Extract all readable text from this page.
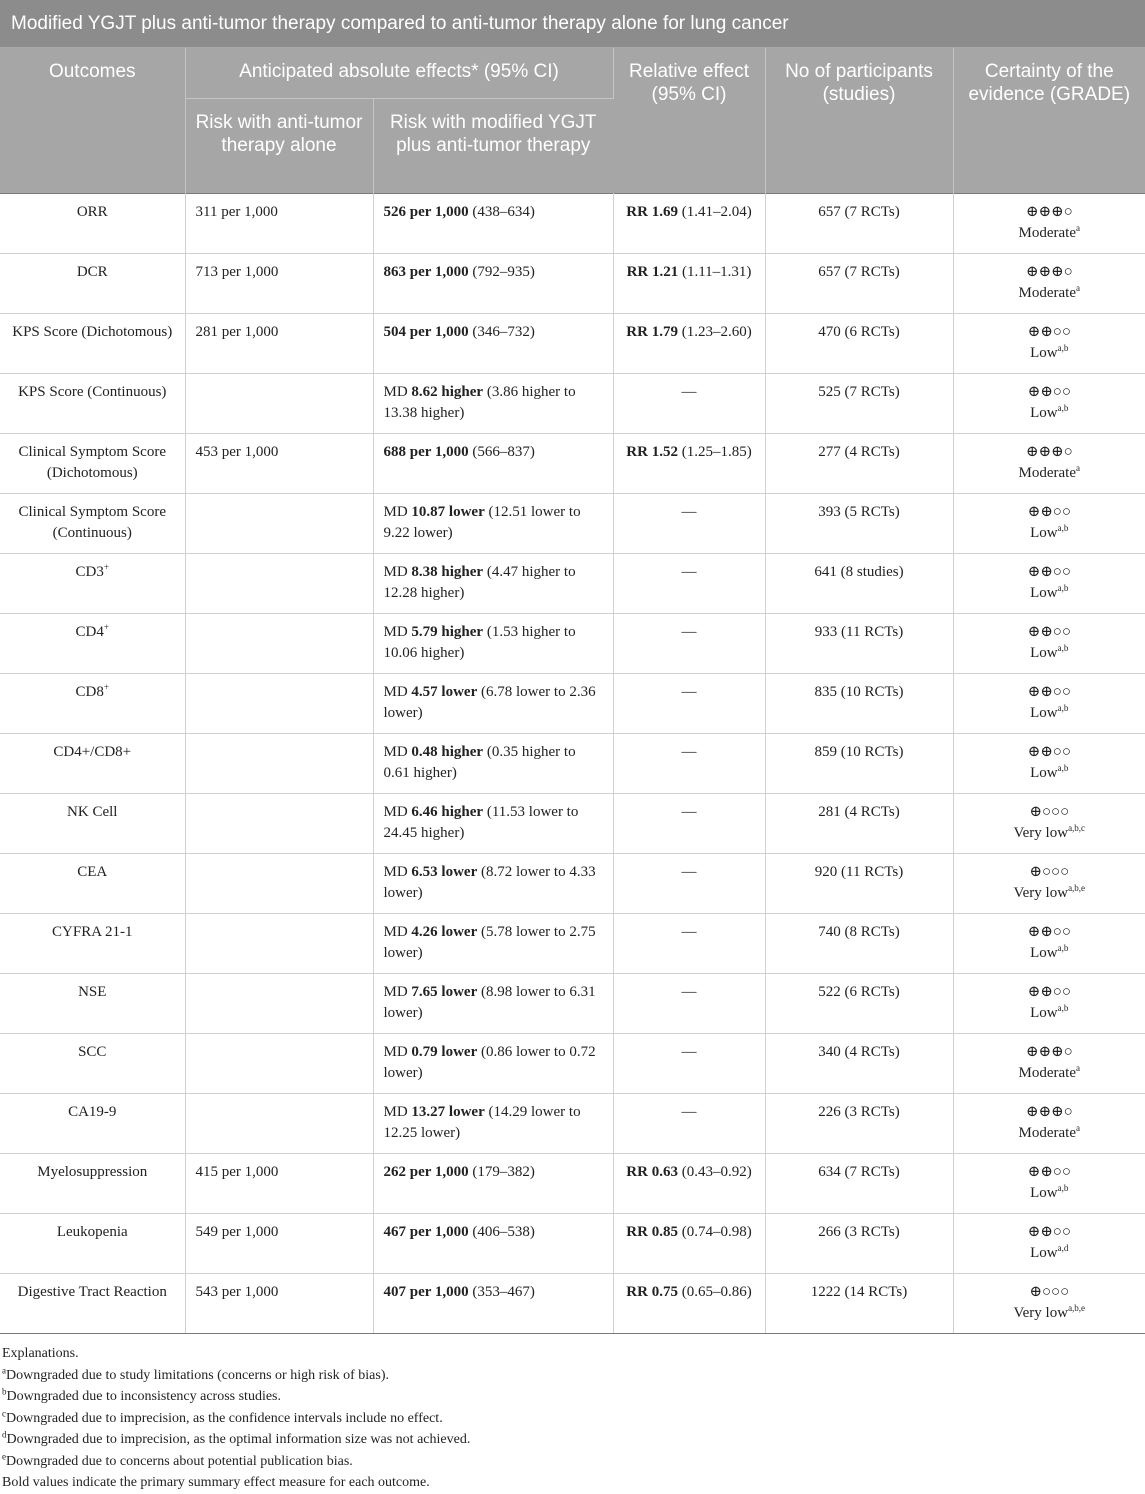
Modified YGJT plus anti-tumor therapy compared to anti-tumor therapy alone for lung cancer					
Outcomes	Anticipated absolute effects* (95% CI)		Relative effect (95% CI)	No of participants (studies)	Certainty of the evidence (GRADE)
	Risk with anti-tumor therapy alone	Risk with modified YGJT plus anti-tumor therapy			
ORR	311 per 1,000	526 per 1,000 (438–634)	RR 1.69 (1.41–2.04)	657 (7 RCTs)	⊕⊕⊕○
Moderate$^a$

DCR	713 per 1,000	863 per 1,000 (792–935)	RR 1.21 (1.11–1.31)	657 (7 RCTs)	⊕⊕⊕○
Moderate$^a$

KPS Score (Dichotomous)	281 per 1,000	504 per 1,000 (346–732)	RR 1.79 (1.23–2.60)	470 (6 RCTs)	⊕⊕○○
Low$^{a,b}$

KPS Score (Continuous)		MD 8.62 higher (3.86 higher to 13.38 higher)	—	525 (7 RCTs)	⊕⊕○○
Low$^{a,b}$

Clinical Symptom Score (Dichotomous)	453 per 1,000	688 per 1,000 (566–837)	RR 1.52 (1.25–1.85)	277 (4 RCTs)	⊕⊕⊕○
Moderate$^a$

Clinical Symptom Score (Continuous)		MD 10.87 lower (12.51 lower to 9.22 lower)	—	393 (5 RCTs)	⊕⊕○○
Low$^{a,b}$

CD3+		MD 8.38 higher (4.47 higher to 12.28 higher)	—	641 (8 studies)	⊕⊕○○
Low$^{a,b}$

CD4+		MD 5.79 higher (1.53 higher to 10.06 higher)	—	933 (11 RCTs)	⊕⊕○○
Low$^{a,b}$

CD8+		MD 4.57 lower (6.78 lower to 2.36 lower)	—	835 (10 RCTs)	⊕⊕○○
Low$^{a,b}$

CD4+/CD8+		MD 0.48 higher (0.35 higher to 0.61 higher)	—	859 (10 RCTs)	⊕⊕○○
Low$^{a,b}$

NK Cell		MD 6.46 higher (11.53 lower to 24.45 higher)	—	281 (4 RCTs)	⊕○○○
Very low$^{a,b,c}$

CEA		MD 6.53 lower (8.72 lower to 4.33 lower)	—	920 (11 RCTs)	⊕○○○
Very low$^{a,b,e}$

CYFRA 21-1		MD 4.26 lower (5.78 lower to 2.75 lower)	—	740 (8 RCTs)	⊕⊕○○
Low$^{a,b}$

NSE		MD 7.65 lower (8.98 lower to 6.31 lower)	—	522 (6 RCTs)	⊕⊕○○
Low$^{a,b}$

SCC		MD 0.79 lower (0.86 lower to 0.72 lower)	—	340 (4 RCTs)	⊕⊕⊕○
Moderate$^a$

CA19-9		MD 13.27 lower (14.29 lower to 12.25 lower)	—	226 (3 RCTs)	⊕⊕⊕○
Moderate$^a$

Myelosuppression	415 per 1,000	262 per 1,000 (179–382)	RR 0.63 (0.43–0.92)	634 (7 RCTs)	⊕⊕○○
Low$^{a,b}$

Leukopenia	549 per 1,000	467 per 1,000 (406–538)	RR 0.85 (0.74–0.98)	266 (3 RCTs)	⊕⊕○○
Low$^{a,d}$

Digestive Tract Reaction	543 per 1,000	407 per 1,000 (353–467)	RR 0.75 (0.65–0.86)	1222 (14 RCTs)	⊕○○○
Very low$^{a,b,e}$
Explanations.
$^a$Downgraded due to study limitations (concerns or high risk of bias).
$^b$Downgraded due to inconsistency across studies.
$^c$Downgraded due to imprecision, as the confidence intervals include no effect.
$^d$Downgraded due to imprecision, as the optimal information size was not achieved.
$^e$Downgraded due to concerns about potential publication bias.
Bold values indicate the primary summary effect measure for each outcome.
